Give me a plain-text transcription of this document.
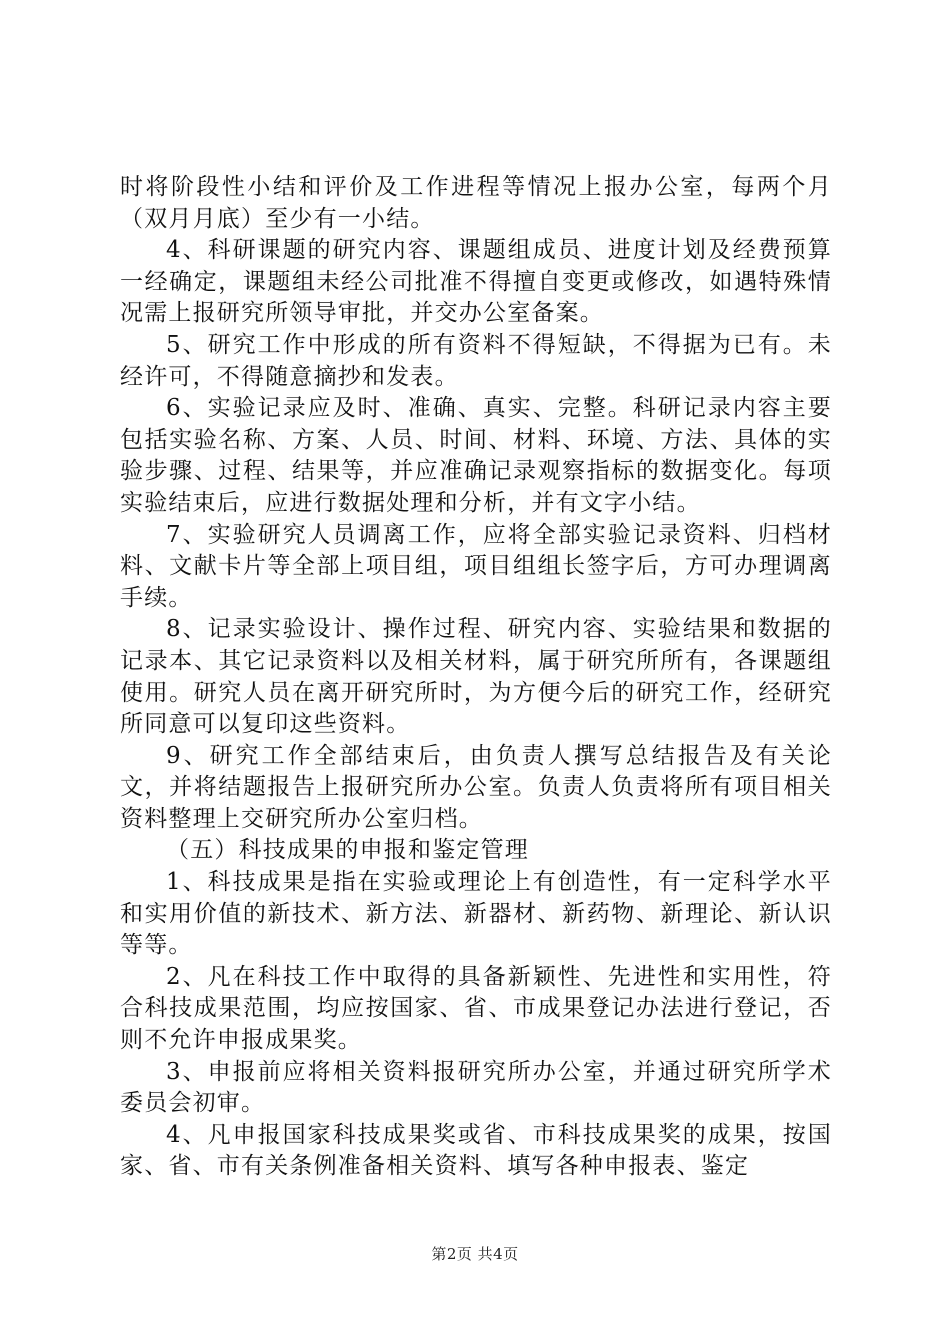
时将阶段性小结和评价及工作进程等情况上报办公室，每两个月（双月月底）至少有一小结。

4、科研课题的研究内容、课题组成员、进度计划及经费预算一经确定，课题组未经公司批准不得擅自变更或修改，如遇特殊情况需上报研究所领导审批，并交办公室备案。

5、研究工作中形成的所有资料不得短缺，不得据为已有。未经许可，不得随意摘抄和发表。

6、实验记录应及时、准确、真实、完整。科研记录内容主要包括实验名称、方案、人员、时间、材料、环境、方法、具体的实验步骤、过程、结果等，并应准确记录观察指标的数据变化。每项实验结束后，应进行数据处理和分析，并有文字小结。

7、实验研究人员调离工作，应将全部实验记录资料、归档材料、文献卡片等全部上项目组，项目组组长签字后，方可办理调离手续。

8、记录实验设计、操作过程、研究内容、实验结果和数据的记录本、其它记录资料以及相关材料，属于研究所所有，各课题组使用。研究人员在离开研究所时，为方便今后的研究工作，经研究所同意可以复印这些资料。

9、研究工作全部结束后，由负责人撰写总结报告及有关论文，并将结题报告上报研究所办公室。负责人负责将所有项目相关资料整理上交研究所办公室归档。

（五）科技成果的申报和鉴定管理

1、科技成果是指在实验或理论上有创造性，有一定科学水平和实用价值的新技术、新方法、新器材、新药物、新理论、新认识等等。

2、凡在科技工作中取得的具备新颖性、先进性和实用性，符合科技成果范围，均应按国家、省、市成果登记办法进行登记，否则不允许申报成果奖。

3、申报前应将相关资料报研究所办公室，并通过研究所学术委员会初审。

4、凡申报国家科技成果奖或省、市科技成果奖的成果，按国家、省、市有关条例准备相关资料、填写各种申报表、鉴定

第2页 共4页
